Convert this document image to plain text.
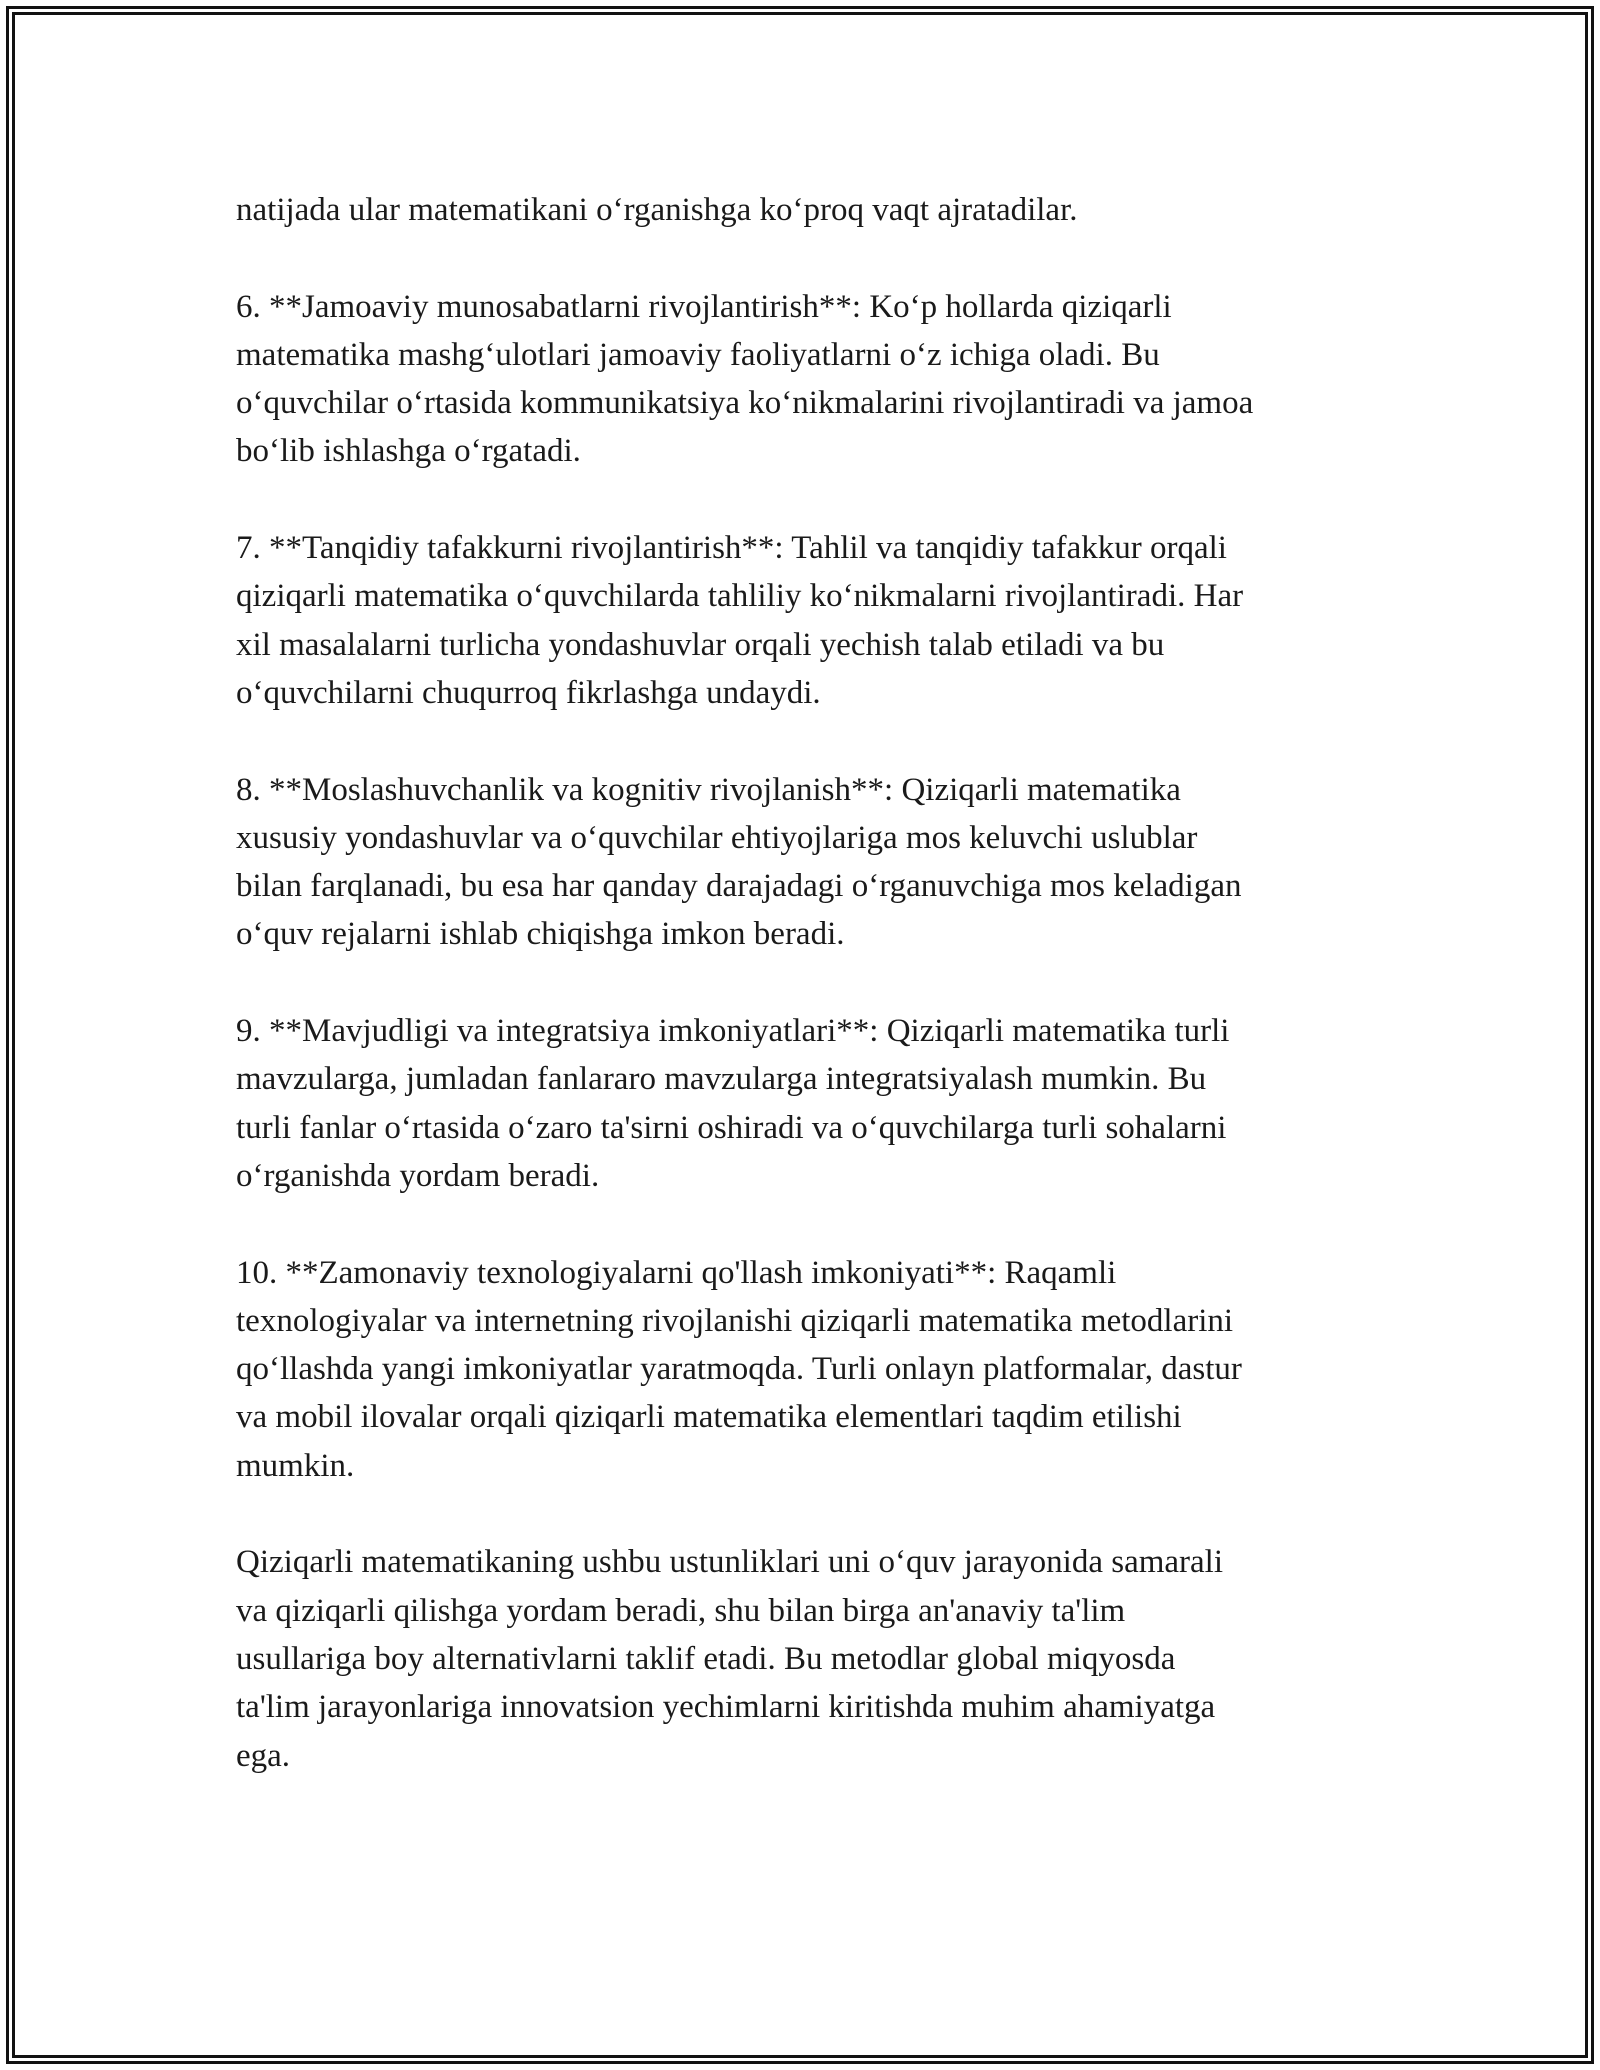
natijada ular matematikani o‘rganishga ko‘proq vaqt ajratadilar.

6. **Jamoaviy munosabatlarni rivojlantirish**: Ko‘p hollarda qiziqarli
matematika mashg‘ulotlari jamoaviy faoliyatlarni o‘z ichiga oladi. Bu
o‘quvchilar o‘rtasida kommunikatsiya ko‘nikmalarini rivojlantiradi va jamoa
bo‘lib ishlashga o‘rgatadi.

7. **Tanqidiy tafakkurni rivojlantirish**: Tahlil va tanqidiy tafakkur orqali
qiziqarli matematika o‘quvchilarda tahliliy ko‘nikmalarni rivojlantiradi. Har
xil masalalarni turlicha yondashuvlar orqali yechish talab etiladi va bu
o‘quvchilarni chuqurroq fikrlashga undaydi.

8. **Moslashuvchanlik va kognitiv rivojlanish**: Qiziqarli matematika
xususiy yondashuvlar va o‘quvchilar ehtiyojlariga mos keluvchi uslublar
bilan farqlanadi, bu esa har qanday darajadagi o‘rganuvchiga mos keladigan
o‘quv rejalarni ishlab chiqishga imkon beradi.

9. **Mavjudligi va integratsiya imkoniyatlari**: Qiziqarli matematika turli
mavzularga, jumladan fanlararo mavzularga integratsiyalash mumkin. Bu
turli fanlar o‘rtasida o‘zaro ta'sirni oshiradi va o‘quvchilarga turli sohalarni
o‘rganishda yordam beradi.

10. **Zamonaviy texnologiyalarni qo'llash imkoniyati**: Raqamli
texnologiyalar va internetning rivojlanishi qiziqarli matematika metodlarini
qo‘llashda yangi imkoniyatlar yaratmoqda. Turli onlayn platformalar, dastur
va mobil ilovalar orqali qiziqarli matematika elementlari taqdim etilishi
mumkin.

Qiziqarli matematikaning ushbu ustunliklari uni o‘quv jarayonida samarali
va qiziqarli qilishga yordam beradi, shu bilan birga an'anaviy ta'lim
usullariga boy alternativlarni taklif etadi. Bu metodlar global miqyosda
ta'lim jarayonlariga innovatsion yechimlarni kiritishda muhim ahamiyatga
ega.
